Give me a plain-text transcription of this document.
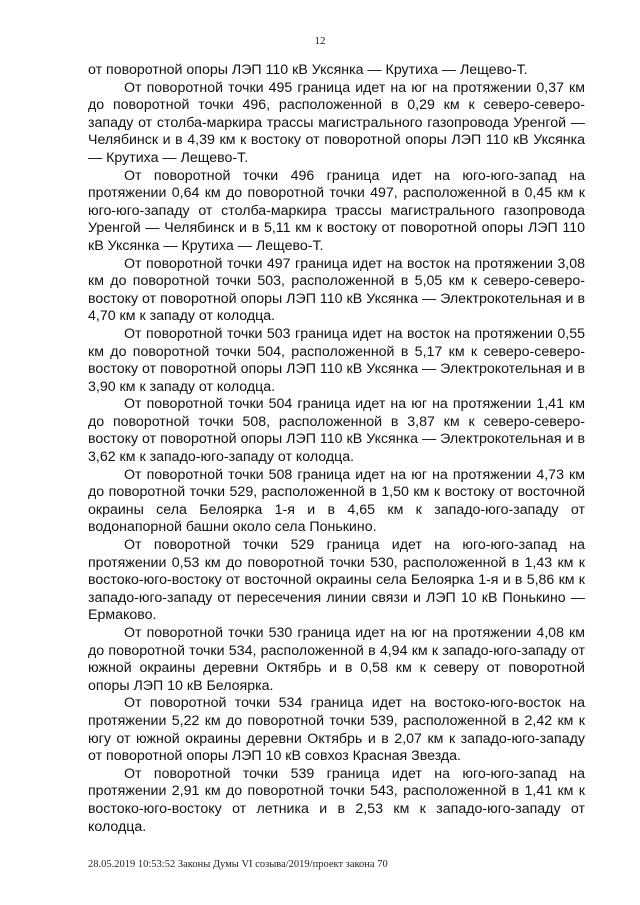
12

от поворотной опоры ЛЭП 110 кВ Уксянка — Крутиха — Лещево-Т.

От поворотной точки 495 граница идет на юг на протяжении 0,37 км до поворотной точки 496, расположенной в 0,29 км к северо-северо-западу от столба-маркира трассы магистрального газопровода Уренгой — Челябинск и в 4,39 км к востоку от поворотной опоры ЛЭП 110 кВ Уксянка — Крутиха — Лещево-Т.

От поворотной точки 496 граница идет на юго-юго-запад на протяжении 0,64 км до поворотной точки 497, расположенной в 0,45 км к юго-юго-западу от столба-маркира трассы магистрального газопровода Уренгой — Челябинск и в 5,11 км к востоку от поворотной опоры ЛЭП 110 кВ Уксянка — Крутиха — Лещево-Т.

От поворотной точки 497 граница идет на восток на протяжении 3,08 км до поворотной точки 503, расположенной в 5,05 км к северо-северо-востоку от поворотной опоры ЛЭП 110 кВ Уксянка — Электрокотельная и в 4,70 км к западу от колодца.

От поворотной точки 503 граница идет на восток на протяжении 0,55 км до поворотной точки 504, расположенной в 5,17 км к северо-северо-востоку от поворотной опоры ЛЭП 110 кВ Уксянка — Электрокотельная и в 3,90 км к западу от колодца.

От поворотной точки 504 граница идет на юг на протяжении 1,41 км до поворотной точки 508, расположенной в 3,87 км к северо-северо-востоку от поворотной опоры ЛЭП 110 кВ Уксянка — Электрокотельная и в 3,62 км к западо-юго-западу от колодца.

От поворотной точки 508 граница идет на юг на протяжении 4,73 км до поворотной точки 529, расположенной в 1,50 км к востоку от восточной окраины села Белоярка 1-я и в 4,65 км к западо-юго-западу от водонапорной башни около села Понькино.

От поворотной точки 529 граница идет на юго-юго-запад на протяжении 0,53 км до поворотной точки 530, расположенной в 1,43 км к востоко-юго-востоку от восточной окраины села Белоярка 1-я и в 5,86 км к западо-юго-западу от пересечения линии связи и ЛЭП 10 кВ Понькино — Ермаково.

От поворотной точки 530 граница идет на юг на протяжении 4,08 км до поворотной точки 534, расположенной в 4,94 км к западо-юго-западу от южной окраины деревни Октябрь и в 0,58 км к северу от поворотной опоры ЛЭП 10 кВ Белоярка.

От поворотной точки 534 граница идет на востоко-юго-восток на протяжении 5,22 км до поворотной точки 539, расположенной в 2,42 км к югу от южной окраины деревни Октябрь и в 2,07 км к западо-юго-западу от поворотной опоры ЛЭП 10 кВ совхоз Красная Звезда.

От поворотной точки 539 граница идет на юго-юго-запад на протяжении 2,91 км до поворотной точки 543, расположенной в 1,41 км к востоко-юго-востоку от летника и в 2,53 км к западо-юго-западу от колодца.

28.05.2019 10:53:52 Законы Думы VI созыва/2019/проект закона 70
